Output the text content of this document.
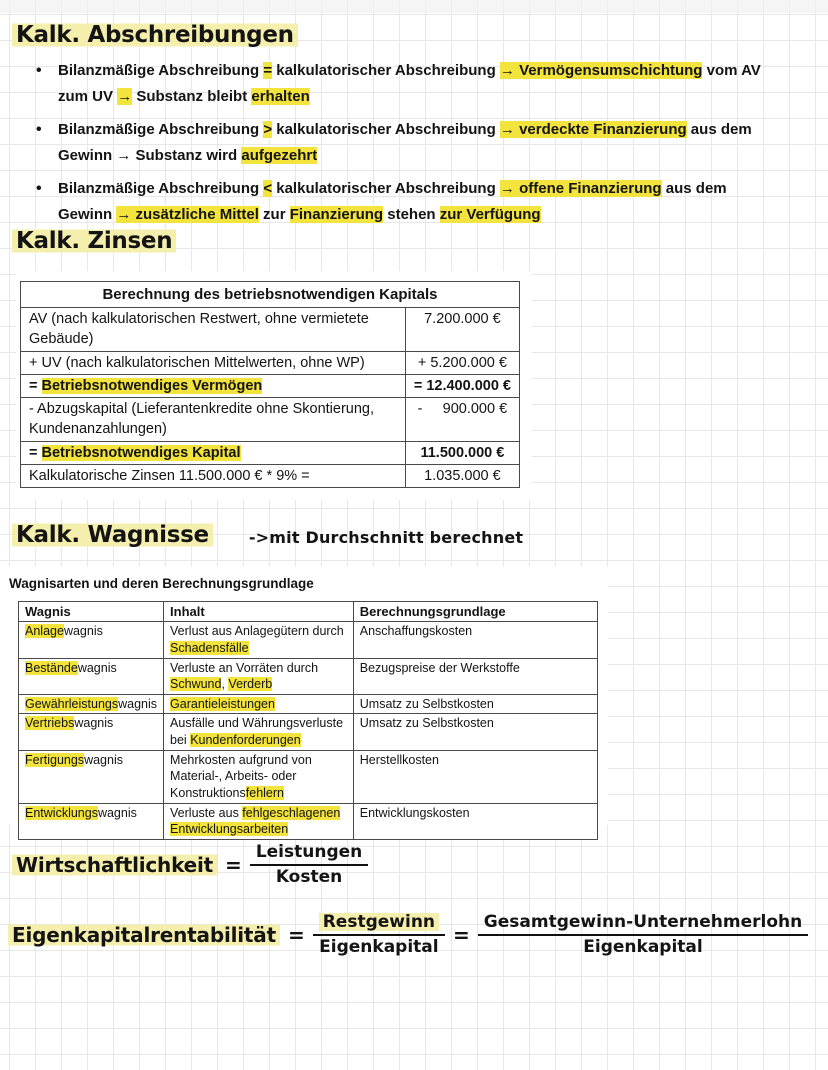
Kalk. Abschreibungen
• Bilanzmäßige Abschreibung = kalkulatorischer Abschreibung → Vermögensumschichtung vom AV zum UV → Substanz bleibt erhalten
• Bilanzmäßige Abschreibung > kalkulatorischer Abschreibung → verdeckte Finanzierung aus dem Gewinn → Substanz wird aufgezehrt
• Bilanzmäßige Abschreibung < kalkulatorischer Abschreibung → offene Finanzierung aus dem Gewinn → zusätzliche Mittel zur Finanzierung stehen zur Verfügung
Kalk. Zinsen
Berechnung des betriebsnotwendigen Kapitals	
AV (nach kalkulatorischen Restwert, ohne vermietete Gebäude)	7.200.000 €
+ UV (nach kalkulatorischen Mittelwerten, ohne WP)	+ 5.200.000 €
= Betriebsnotwendiges Vermögen	= 12.400.000 €
- Abzugskapital (Lieferantenkredite ohne Skontierung, Kundenanzahlungen)	-     900.000 €
= Betriebsnotwendiges Kapital	11.500.000 €
Kalkulatorische Zinsen 11.500.000 € * 9% =	1.035.000 €
Kalk. Wagnisse	->mit Durchschnitt berechnet

Wagnisarten und deren Berechnungsgrundlage

Wagnis	Inhalt	Berechnungsgrundlage
Anlagewagnis	Verlust aus Anlagegütern durch Schadensfälle	Anschaffungskosten
Beständewagnis	Verluste an Vorräten durch Schwund, Verderb	Bezugspreise der Werkstoffe
Gewährleistungswagnis	Garantieleistungen	Umsatz zu Selbstkosten
Vertriebswagnis	Ausfälle und Währungsverluste bei Kundenforderungen	Umsatz zu Selbstkosten
Fertigungswagnis	Mehrkosten aufgrund von Material-, Arbeits- oder Konstruktionsfehlern	Herstellkosten
Entwicklungswagnis	Verluste aus fehlgeschlagenen Entwicklungsarbeiten	Entwicklungskosten
Wirtschaftlichkeit = $\frac{\text{Leistungen}}{\text{Kosten}}$
Eigenkapitalrentabilität = $\frac{\text{Restgewinn}}{\text{Eigenkapital}} = \frac{\text{Gesamtgewinn-Unternehmerlohn}}{\text{Eigenkapital}}$
